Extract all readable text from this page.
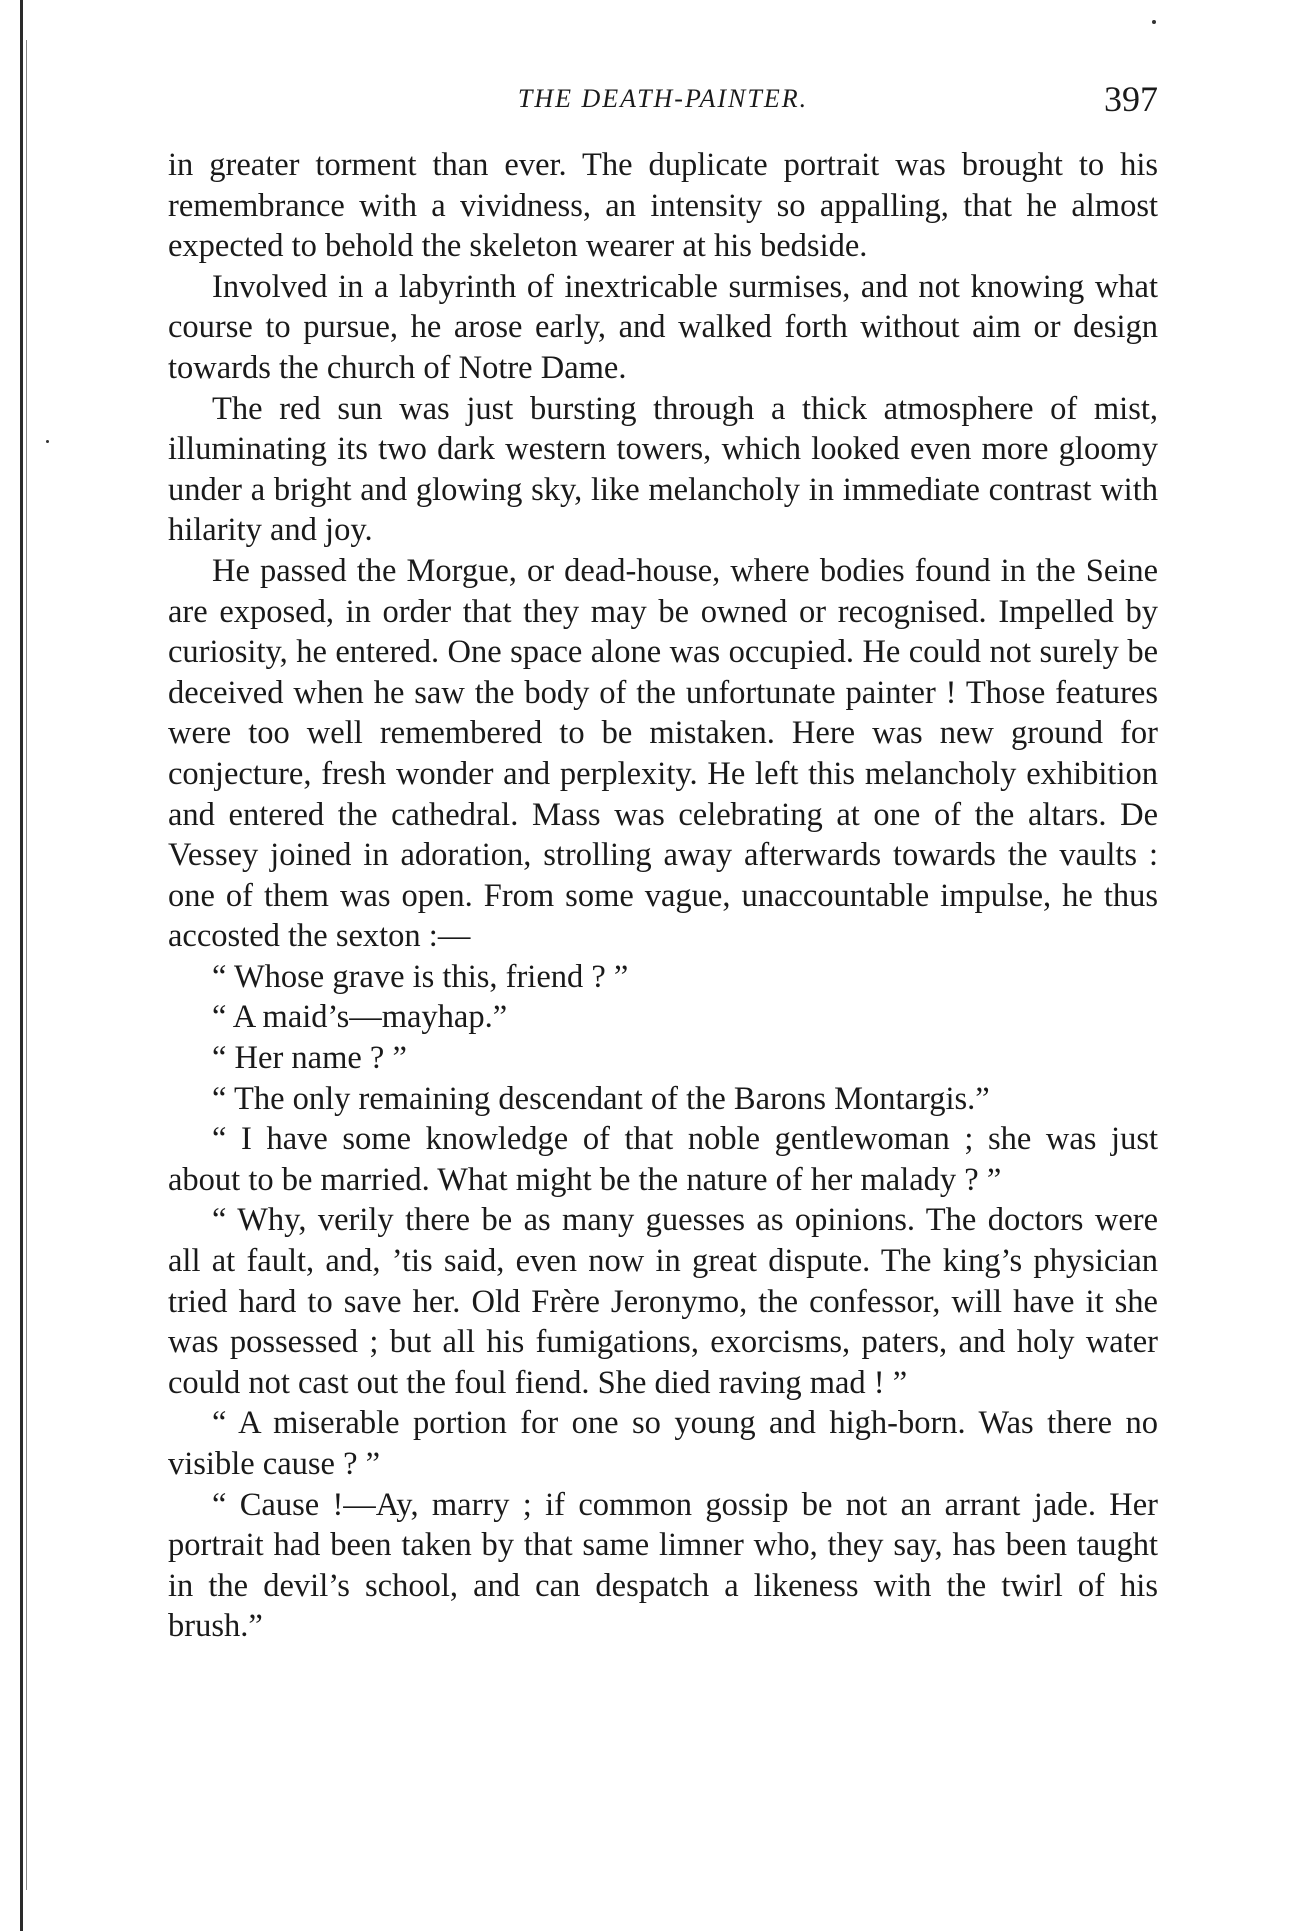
THE DEATH-PAINTER.	397

in greater torment than ever. The duplicate portrait was brought to his remembrance with a vividness, an intensity so appalling, that he almost expected to behold the skeleton wearer at his bedside.

Involved in a labyrinth of inextricable surmises, and not knowing what course to pursue, he arose early, and walked forth without aim or design towards the church of Notre Dame.

The red sun was just bursting through a thick atmosphere of mist, illuminating its two dark western towers, which looked even more gloomy under a bright and glowing sky, like melancholy in immediate contrast with hilarity and joy.

He passed the Morgue, or dead-house, where bodies found in the Seine are exposed, in order that they may be owned or recognised. Impelled by curiosity, he entered. One space alone was occupied. He could not surely be deceived when he saw the body of the unfortunate painter ! Those features were too well remembered to be mistaken. Here was new ground for conjecture, fresh wonder and perplexity. He left this melancholy exhibition and entered the cathedral. Mass was celebrating at one of the altars. De Vessey joined in adoration, strolling away afterwards towards the vaults : one of them was open. From some vague, unaccountable impulse, he thus accosted the sexton :—

“ Whose grave is this, friend ? ”

“ A maid’s—mayhap.”

“ Her name ? ”

“ The only remaining descendant of the Barons Montargis.”

“ I have some knowledge of that noble gentlewoman ; she was just about to be married. What might be the nature of her malady ? ”

“ Why, verily there be as many guesses as opinions. The doctors were all at fault, and, ’tis said, even now in great dispute. The king’s physician tried hard to save her. Old Frère Jeronymo, the confessor, will have it she was possessed ; but all his fumigations, exorcisms, paters, and holy water could not cast out the foul fiend. She died raving mad ! ”

“ A miserable portion for one so young and high-born. Was there no visible cause ? ”

“ Cause !—Ay, marry ; if common gossip be not an arrant jade. Her portrait had been taken by that same limner who, they say, has been taught in the devil’s school, and can despatch a likeness with the twirl of his brush.”
